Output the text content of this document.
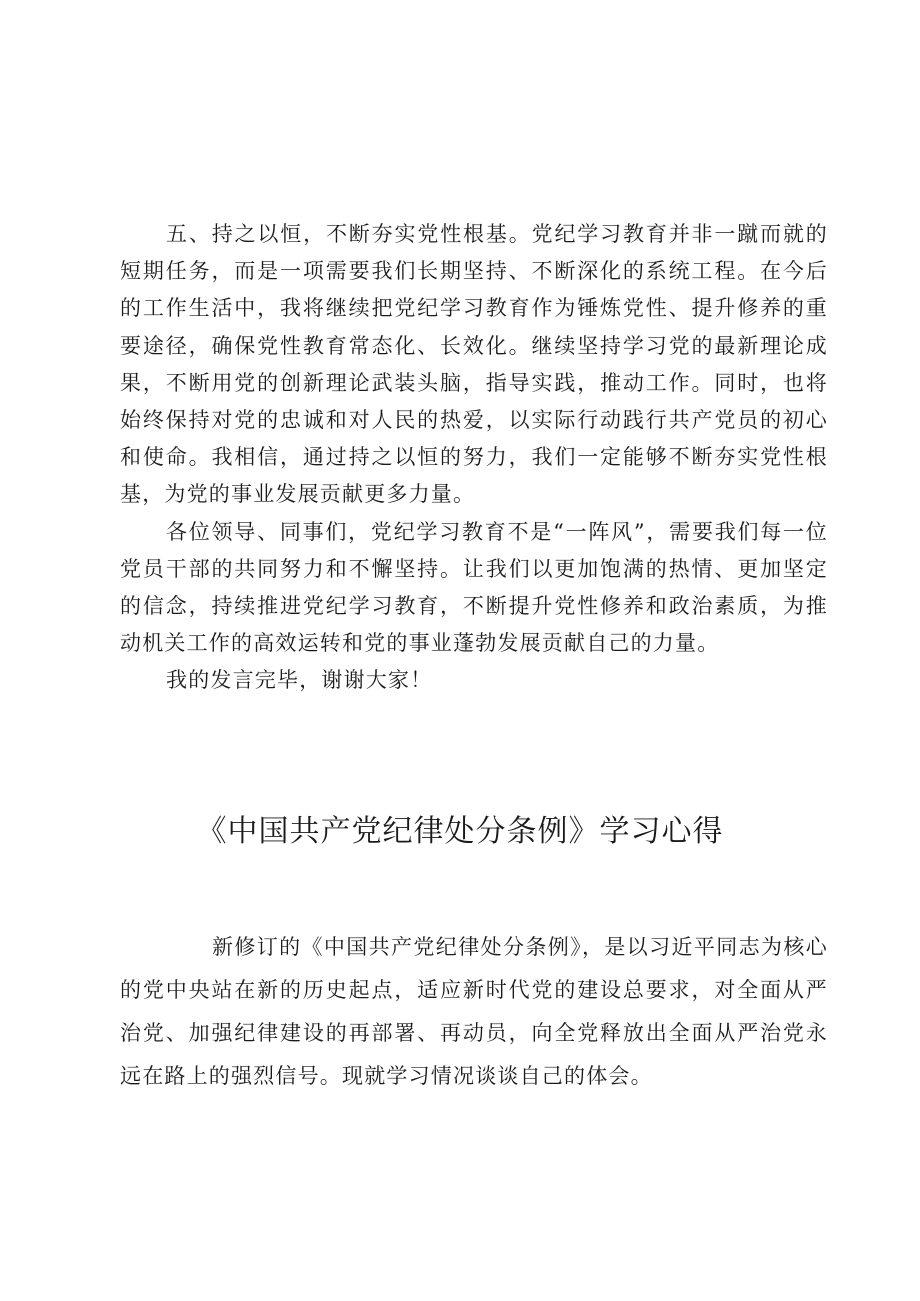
五、持之以恒，不断夯实党性根基。党纪学习教育并非一蹴而就的短期任务，而是一项需要我们长期坚持、不断深化的系统工程。在今后的工作生活中，我将继续把党纪学习教育作为锤炼党性、提升修养的重要途径，确保党性教育常态化、长效化。继续坚持学习党的最新理论成果，不断用党的创新理论武装头脑，指导实践，推动工作。同时，也将始终保持对党的忠诚和对人民的热爱，以实际行动践行共产党员的初心和使命。我相信，通过持之以恒的努力，我们一定能够不断夯实党性根基，为党的事业发展贡献更多力量。

各位领导、同事们，党纪学习教育不是“一阵风”，需要我们每一位党员干部的共同努力和不懈坚持。让我们以更加饱满的热情、更加坚定的信念，持续推进党纪学习教育，不断提升党性修养和政治素质，为推动机关工作的高效运转和党的事业蓬勃发展贡献自己的力量。

我的发言完毕，谢谢大家！

《中国共产党纪律处分条例》学习心得

新修订的《中国共产党纪律处分条例》，是以习近平同志为核心的党中央站在新的历史起点，适应新时代党的建设总要求，对全面从严治党、加强纪律建设的再部署、再动员，向全党释放出全面从严治党永远在路上的强烈信号。现就学习情况谈谈自己的体会。
